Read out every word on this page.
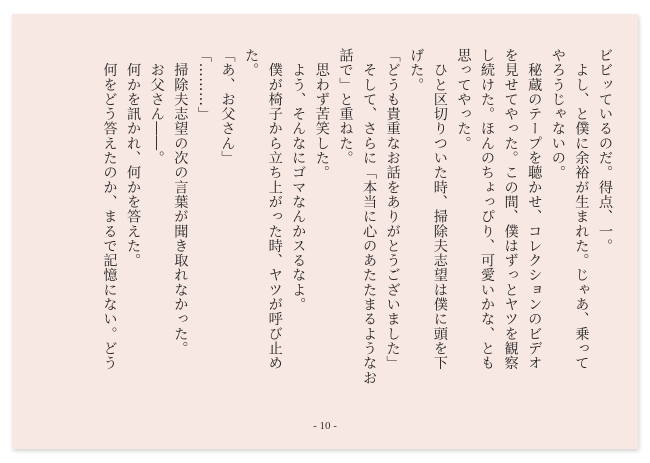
ビビッているのだ。得点、一。
　よし、と僕に余裕が生まれた。じゃあ、乗って
やろうじゃないの。
　秘蔵のテープを聴かせ、コレクションのビデオ
を見せてやった。この間、僕はずっとヤツを観察
し続けた。ほんのちょっぴり、可愛いかな、とも
思ってやった。
　ひと区切りついた時、掃除夫志望は僕に頭を下
げた。
「どうも貴重なお話をありがとうございました」
　そして、さらに「本当に心のあたたまるようなお
話で」と重ねた。
　思わず苦笑した。
　よう、そんなにゴマなんかスるなよ。
　僕が椅子から立ち上がった時、ヤツが呼び止め
た。
「あ、お父さん」
「………」
　掃除夫志望の次の言葉が聞き取れなかった。
　お父さん――。
　何かを訊かれ、何かを答えた。
　何をどう答えたのか、まるで記憶にない。どう
- 10 -
